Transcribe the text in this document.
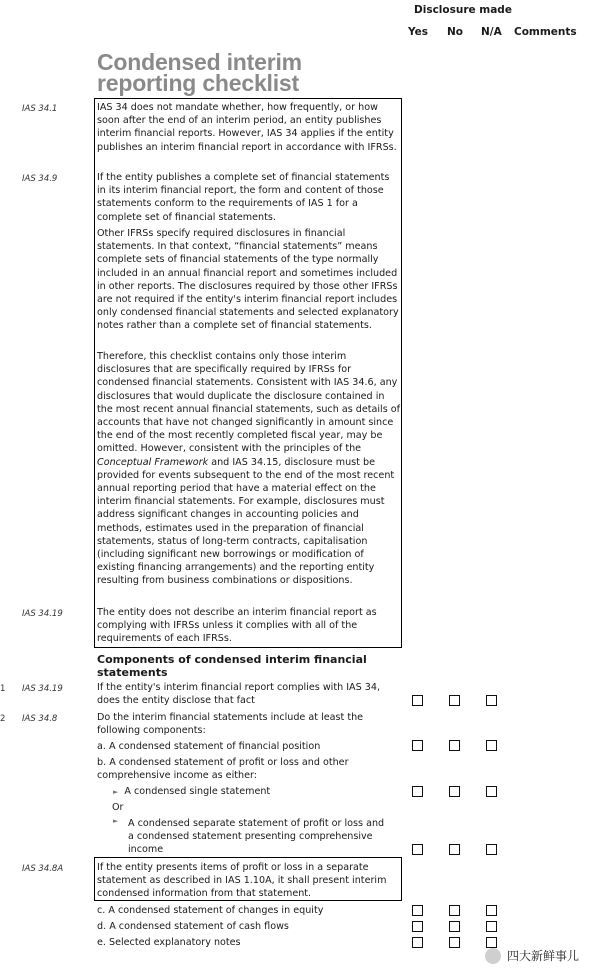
Disclosure made
Yes No N/A Comments
Condensed interim
reporting checklist
IAS 34.1	IAS 34 does not mandate whether, how frequently, or how soon after the end of an interim period, an entity publishes interim financial reports. However, IAS 34 applies if the entity publishes an interim financial report in accordance with IFRSs.
IAS 34.9	If the entity publishes a complete set of financial statements in its interim financial report, the form and content of those statements conform to the requirements of IAS 1 for a complete set of financial statements.
Other IFRSs specify required disclosures in financial statements. In that context, “financial statements” means complete sets of financial statements of the type normally included in an annual financial report and sometimes included in other reports. The disclosures required by those other IFRSs are not required if the entity's interim financial report includes only condensed financial statements and selected explanatory notes rather than a complete set of financial statements.
Therefore, this checklist contains only those interim disclosures that are specifically required by IFRSs for condensed financial statements. Consistent with IAS 34.6, any disclosures that would duplicate the disclosure contained in the most recent annual financial statements, such as details of accounts that have not changed significantly in amount since the end of the most recently completed fiscal year, may be omitted. However, consistent with the principles of the Conceptual Framework and IAS 34.15, disclosure must be provided for events subsequent to the end of the most recent annual reporting period that have a material effect on the interim financial statements. For example, disclosures must address significant changes in accounting policies and methods, estimates used in the preparation of financial statements, status of long-term contracts, capitalisation (including significant new borrowings or modification of existing financing arrangements) and the reporting entity resulting from business combinations or dispositions.
IAS 34.19	The entity does not describe an interim financial report as complying with IFRSs unless it complies with all of the requirements of each IFRSs.
Components of condensed interim financial statements
1 IAS 34.19	If the entity's interim financial report complies with IAS 34, does the entity disclose that fact
2 IAS 34.8	Do the interim financial statements include at least the following components:
a. A condensed statement of financial position
b. A condensed statement of profit or loss and other comprehensive income as either:
► A condensed single statement
Or
► A condensed separate statement of profit or loss and a condensed statement presenting comprehensive income
IAS 34.8A	If the entity presents items of profit or loss in a separate statement as described in IAS 1.10A, it shall present interim condensed information from that statement.
c. A condensed statement of changes in equity
d. A condensed statement of cash flows
e. Selected explanatory notes
四大新鲜事儿
